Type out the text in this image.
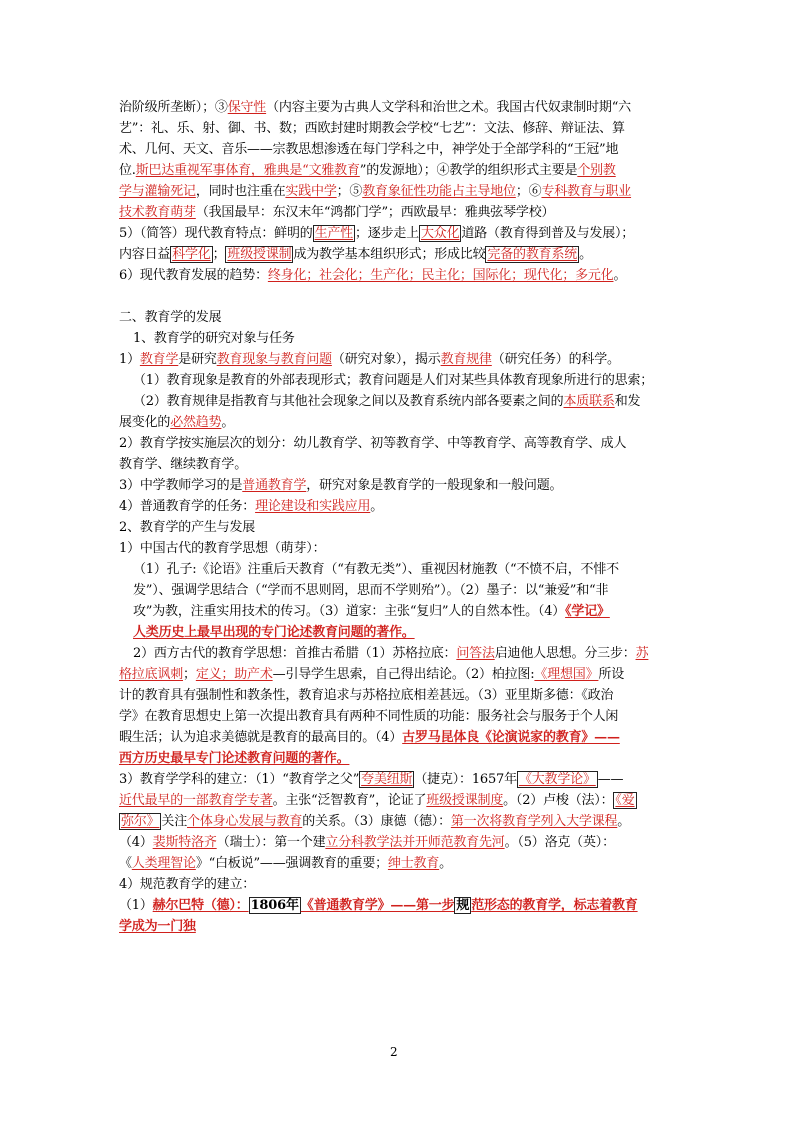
治阶级所垄断）；③保守性（内容主要为古典人文学科和治世之术。我国古代奴隶制时期“六
艺”：礼、乐、射、御、书、数；西欧封建时期教会学校“七艺”：文法、修辞、辩证法、算
术、几何、天文、音乐——宗教思想渗透在每门学科之中，神学处于全部学科的“王冠”地
位.斯巴达重视军事体育，雅典是“文雅教育”的发源地）；④教学的组织形式主要是个别教
学与灌输死记，同时也注重在实践中学；⑤教育象征性功能占主导地位；⑥专科教育与职业
技术教育萌芽（我国最早：东汉末年“鸿都门学”；西欧最早：雅典弦琴学校）
5）（简答）现代教育特点：鲜明的 生产性 ；逐步走上 大众化 道路（教育得到普及与发展）；
内容日益 科学化 ； 班级授课制 成为教学基本组织形式；形成比较 完备的教育系统 。
6）现代教育发展的趋势：终身化；社会化；生产化；民主化；国际化；现代化；多元化。
二、教育学的发展
1、教育学的研究对象与任务
1）教育学是研究教育现象与教育问题（研究对象），揭示教育规律（研究任务）的科学。
（1）教育现象是教育的外部表现形式；教育问题是人们对某些具体教育现象所进行的思索；
（2）教育规律是指教育与其他社会现象之间以及教育系统内部各要素之间的本质联系和发
展变化的必然趋势。
2）教育学按实施层次的划分：幼儿教育学、初等教育学、中等教育学、高等教育学、成人
教育学、继续教育学。
3）中学教师学习的是普通教育学，研究对象是教育学的一般现象和一般问题。
4）普通教育学的任务：理论建设和实践应用。
2、教育学的产生与发展
1）中国古代的教育学思想（萌芽）：
（1）孔子:《论语》注重后天教育（“有教无类”）、重视因材施教（“不愤不启，不悱不
发”）、强调学思结合（“学而不思则罔，思而不学则殆”）。（2）墨子：以“兼爱”和“非
攻”为教，注重实用技术的传习。（3）道家：主张“复归”人的自然本性。（4）《学记》
人类历史上最早出现的专门论述教育问题的著作。
2）西方古代的教育学思想：首推古希腊（1）苏格拉底：问答法启迪他人思想。分三步：苏
格拉底讽刺；定义；助产术—引导学生思索，自己得出结论。（2）柏拉图:《理想国》所设
计的教育具有强制性和教条性，教育追求与苏格拉底相差甚远。（3）亚里斯多德：《政治
学》在教育思想史上第一次提出教育具有两种不同性质的功能：服务社会与服务于个人闲
暇生活；认为追求美德就是教育的最高目的。（4）古罗马昆体良《论演说家的教育》——
西方历史最早专门论述教育问题的著作。
3）教育学学科的建立：（1）“教育学之父” 夸美纽斯 （捷克）：1657年 《大教学论》 ——
近代最早的一部教育学专著。主张“泛智教育”，论证了班级授课制度。（2）卢梭（法）： 《爱
弥尔》 关注个体身心发展与教育的关系。（3）康德（德）：第一次将教育学列入大学课程。
（4）裴斯特洛齐（瑞士）：第一个建立分科教学法并开师范教育先河。（5）洛克（英）：
《人类理智论》“白板说”——强调教育的重要；绅士教育。
4）规范教育学的建立：
（1）赫尔巴特（德）： 1806年 《普通教育学》——第一步 规 范形态的教育学，标志着教育
学成为一门独
2
